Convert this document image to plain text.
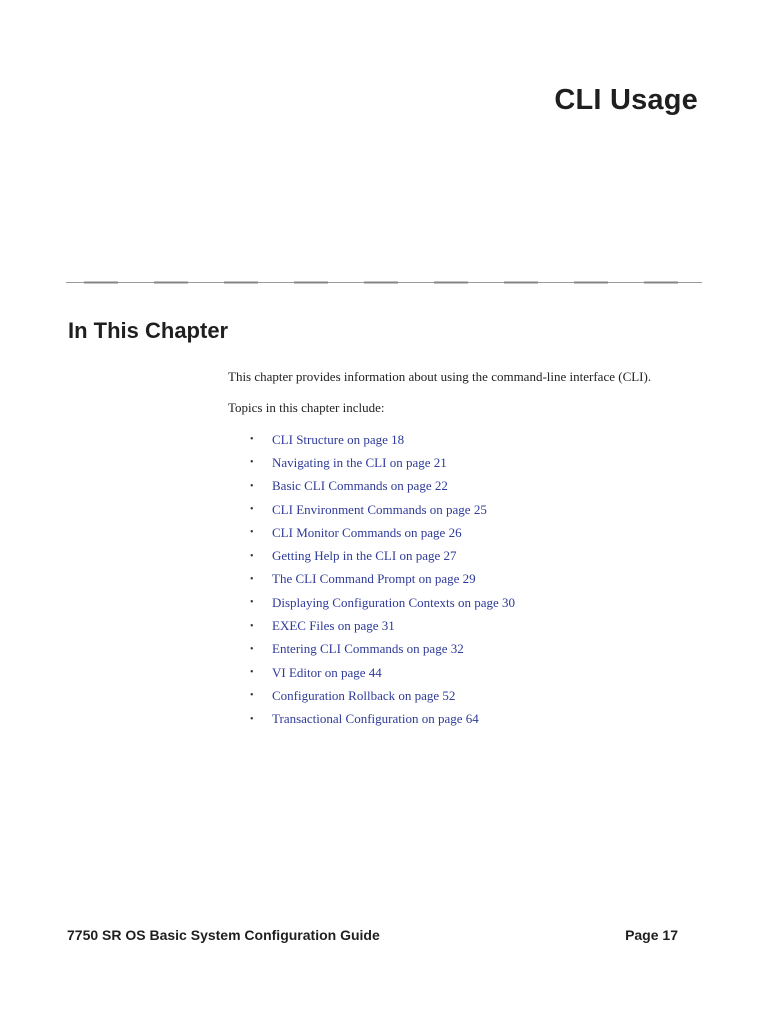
CLI Usage
In This Chapter

This chapter provides information about using the command-line interface (CLI).

Topics in this chapter include:

•	CLI Structure on page 18
•	Navigating in the CLI on page 21
•	Basic CLI Commands on page 22
•	CLI Environment Commands on page 25
•	CLI Monitor Commands on page 26
•	Getting Help in the CLI on page 27
•	The CLI Command Prompt on page 29
•	Displaying Configuration Contexts on page 30
•	EXEC Files on page 31
•	Entering CLI Commands on page 32
•	VI Editor on page 44
•	Configuration Rollback on page 52
•	Transactional Configuration on page 64
7750 SR OS Basic System Configuration Guide	Page 17
